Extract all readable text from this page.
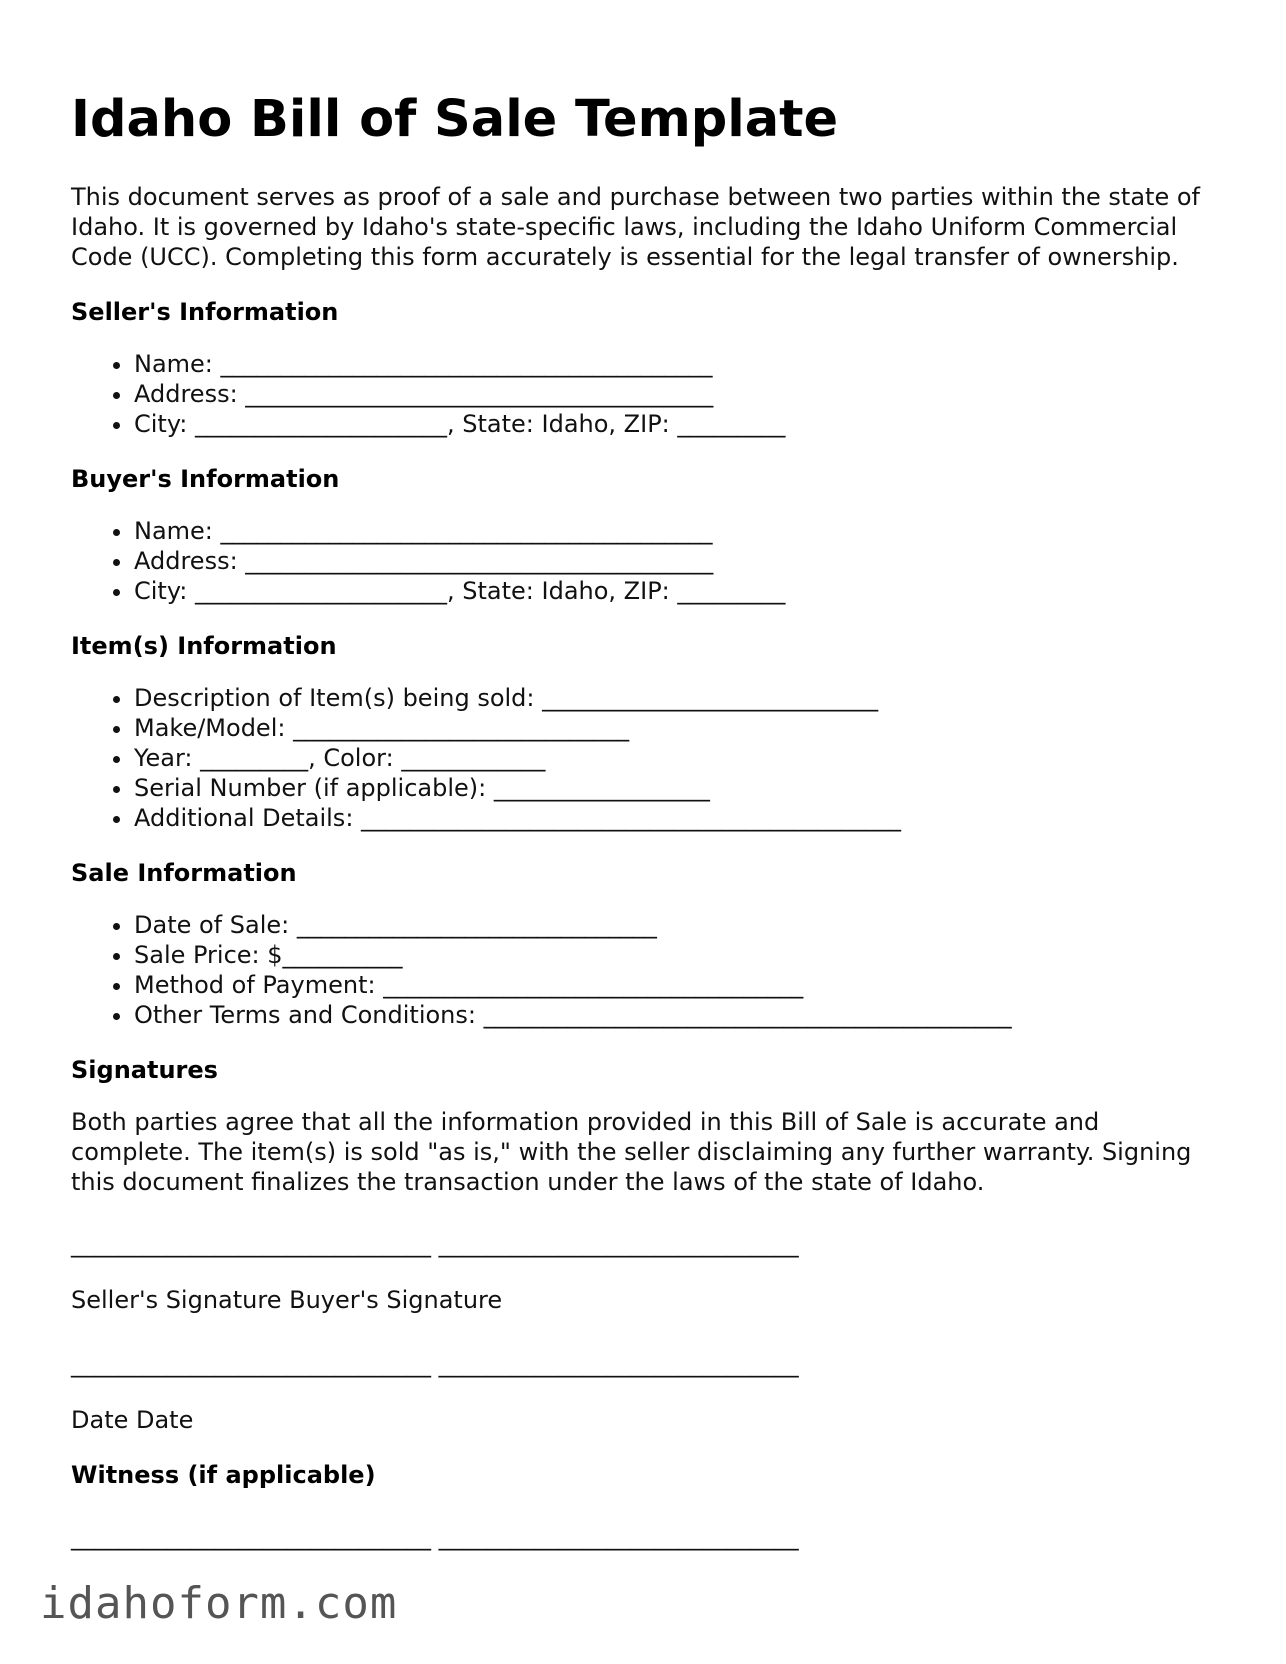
Idaho Bill of Sale Template

This document serves as proof of a sale and purchase between two parties within the state of Idaho. It is governed by Idaho's state-specific laws, including the Idaho Uniform Commercial Code (UCC). Completing this form accurately is essential for the legal transfer of ownership.

Seller's Information
• Name: _________________________________________
• Address: _______________________________________
• City: _____________________, State: Idaho, ZIP: _________
Buyer's Information
• Name: _________________________________________
• Address: _______________________________________
• City: _____________________, State: Idaho, ZIP: _________
Item(s) Information
• Description of Item(s) being sold: ____________________________
• Make/Model: ____________________________
• Year: _________, Color: ____________
• Serial Number (if applicable): __________________
• Additional Details: _____________________________________________
Sale Information
• Date of Sale: ______________________________
• Sale Price: $__________
• Method of Payment: ___________________________________
• Other Terms and Conditions: ____________________________________________
Signatures

Both parties agree that all the information provided in this Bill of Sale is accurate and complete. The item(s) is sold "as is," with the seller disclaiming any further warranty. Signing this document finalizes the transaction under the laws of the state of Idaho.

______________________________ ______________________________
Seller's Signature Buyer's Signature
______________________________ ______________________________
Date Date
Witness (if applicable)
______________________________ ______________________________
idahoform.com
